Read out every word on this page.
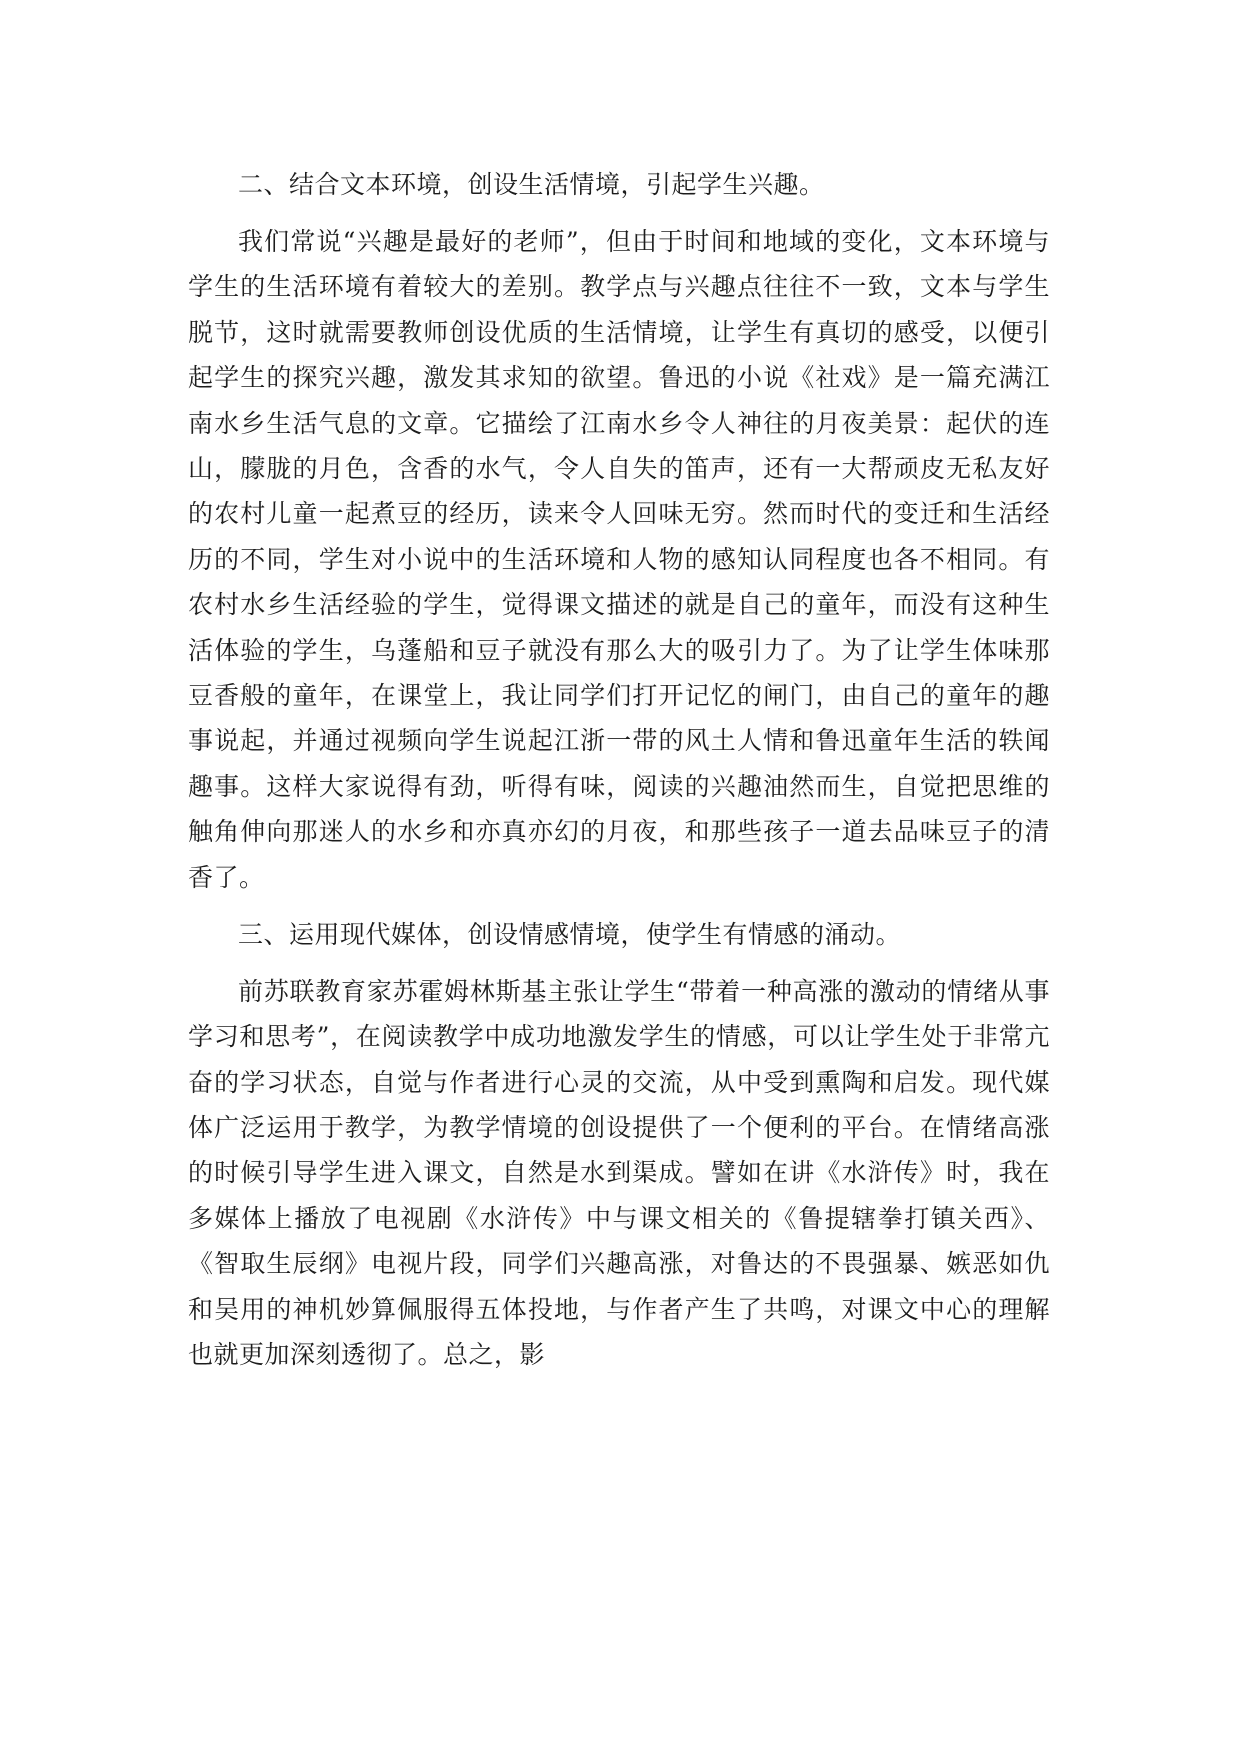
二、结合文本环境，创设生活情境，引起学生兴趣。

我们常说“兴趣是最好的老师”，但由于时间和地域的变化，文本环境与学生的生活环境有着较大的差别。教学点与兴趣点往往不一致，文本与学生脱节，这时就需要教师创设优质的生活情境，让学生有真切的感受，以便引起学生的探究兴趣，激发其求知的欲望。鲁迅的小说《社戏》是一篇充满江南水乡生活气息的文章。它描绘了江南水乡令人神往的月夜美景：起伏的连山，朦胧的月色，含香的水气，令人自失的笛声，还有一大帮顽皮无私友好的农村儿童一起煮豆的经历，读来令人回味无穷。然而时代的变迁和生活经历的不同，学生对小说中的生活环境和人物的感知认同程度也各不相同。有农村水乡生活经验的学生，觉得课文描述的就是自己的童年，而没有这种生活体验的学生，乌蓬船和豆子就没有那么大的吸引力了。为了让学生体味那豆香般的童年，在课堂上，我让同学们打开记忆的闸门，由自己的童年的趣事说起，并通过视频向学生说起江浙一带的风土人情和鲁迅童年生活的轶闻趣事。这样大家说得有劲，听得有味，阅读的兴趣油然而生，自觉把思维的触角伸向那迷人的水乡和亦真亦幻的月夜，和那些孩子一道去品味豆子的清香了。

三、运用现代媒体，创设情感情境，使学生有情感的涌动。

前苏联教育家苏霍姆林斯基主张让学生“带着一种高涨的激动的情绪从事学习和思考”，在阅读教学中成功地激发学生的情感，可以让学生处于非常亢奋的学习状态，自觉与作者进行心灵的交流，从中受到熏陶和启发。现代媒体广泛运用于教学，为教学情境的创设提供了一个便利的平台。在情绪高涨的时候引导学生进入课文，自然是水到渠成。譬如在讲《水浒传》时，我在多媒体上播放了电视剧《水浒传》中与课文相关的《鲁提辖拳打镇关西》、《智取生辰纲》电视片段，同学们兴趣高涨，对鲁达的不畏强暴、嫉恶如仇和吴用的神机妙算佩服得五体投地，与作者产生了共鸣，对课文中心的理解也就更加深刻透彻了。总之，影
